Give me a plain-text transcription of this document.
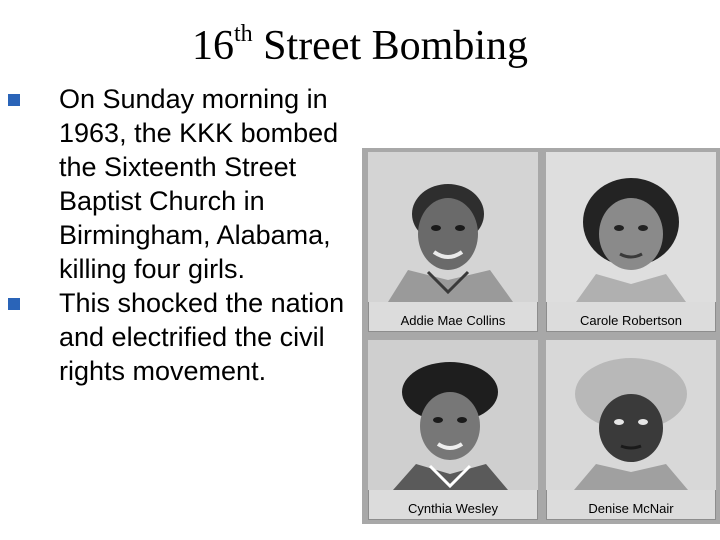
16th Street Bombing
On Sunday morning in 1963, the KKK bombed the Sixteenth Street Baptist Church in Birmingham, Alabama, killing four girls.
This shocked the nation and electrified the civil rights movement.
Addie Mae Collins	Carole Robertson
Cynthia Wesley	Denise McNair
